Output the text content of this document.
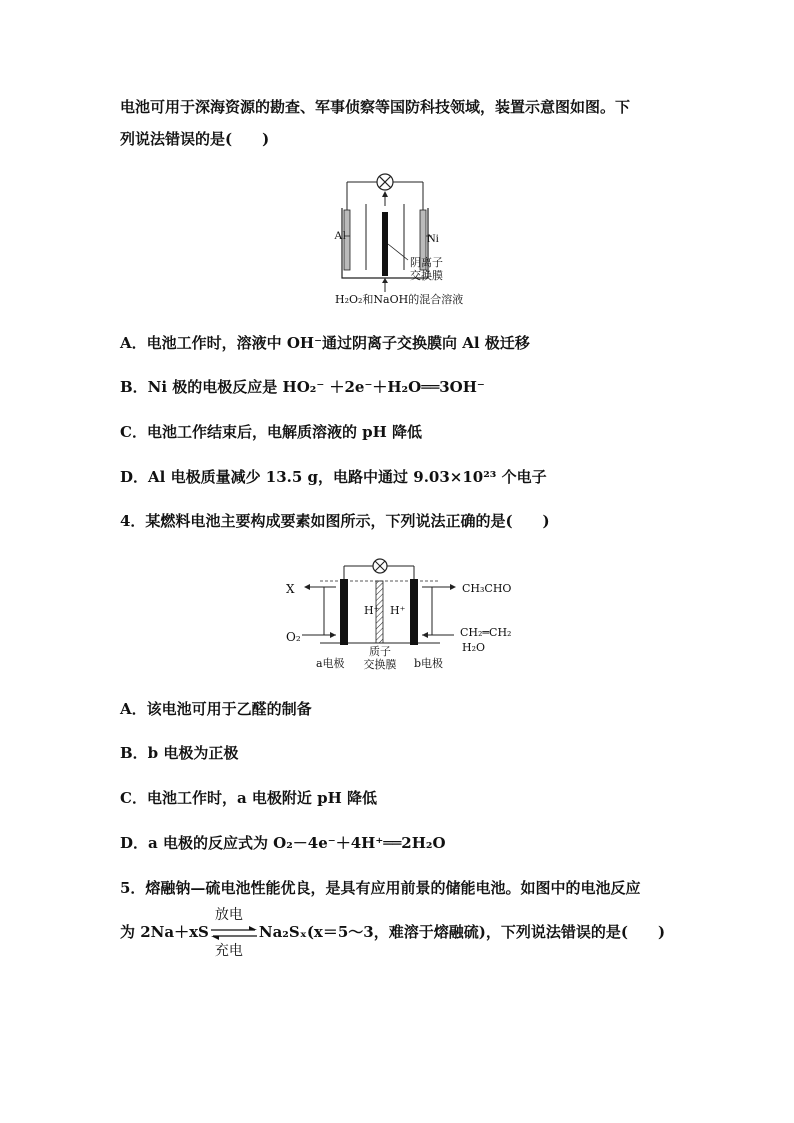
电池可用于深海资源的勘查、军事侦察等国防科技领域，装置示意图如图。下
列说法错误的是(　　)
Al	Ni
阴离子
交换膜
H₂O₂和NaOH的混合溶液
A．电池工作时，溶液中 OH⁻通过阴离子交换膜向 Al 极迁移
B．Ni 极的电极反应是 HO₂⁻ ＋2e⁻＋H₂O══3OH⁻
C．电池工作结束后，电解质溶液的 pH 降低
D．Al 电极质量减少 13.5 g，电路中通过 9.03×10²³ 个电子
4．某燃料电池主要构成要素如图所示，下列说法正确的是(　　)
X
O₂
H⁺ H⁺
CH₃CHO
CH₂═CH₂
H₂O
a电极	b电极
质子
交换膜
A．该电池可用于乙醛的制备
B．b 电极为正极
C．电池工作时，a 电极附近 pH 降低
D．a 电极的反应式为 O₂－4e⁻＋4H⁺══2H₂O
5．熔融钠—硫电池性能优良，是具有应用前景的储能电池。如图中的电池反应
为 2Na＋xS
放电
充电
Na₂Sₓ(x＝5～3，难溶于熔融硫)，下列说法错误的是(　　)
